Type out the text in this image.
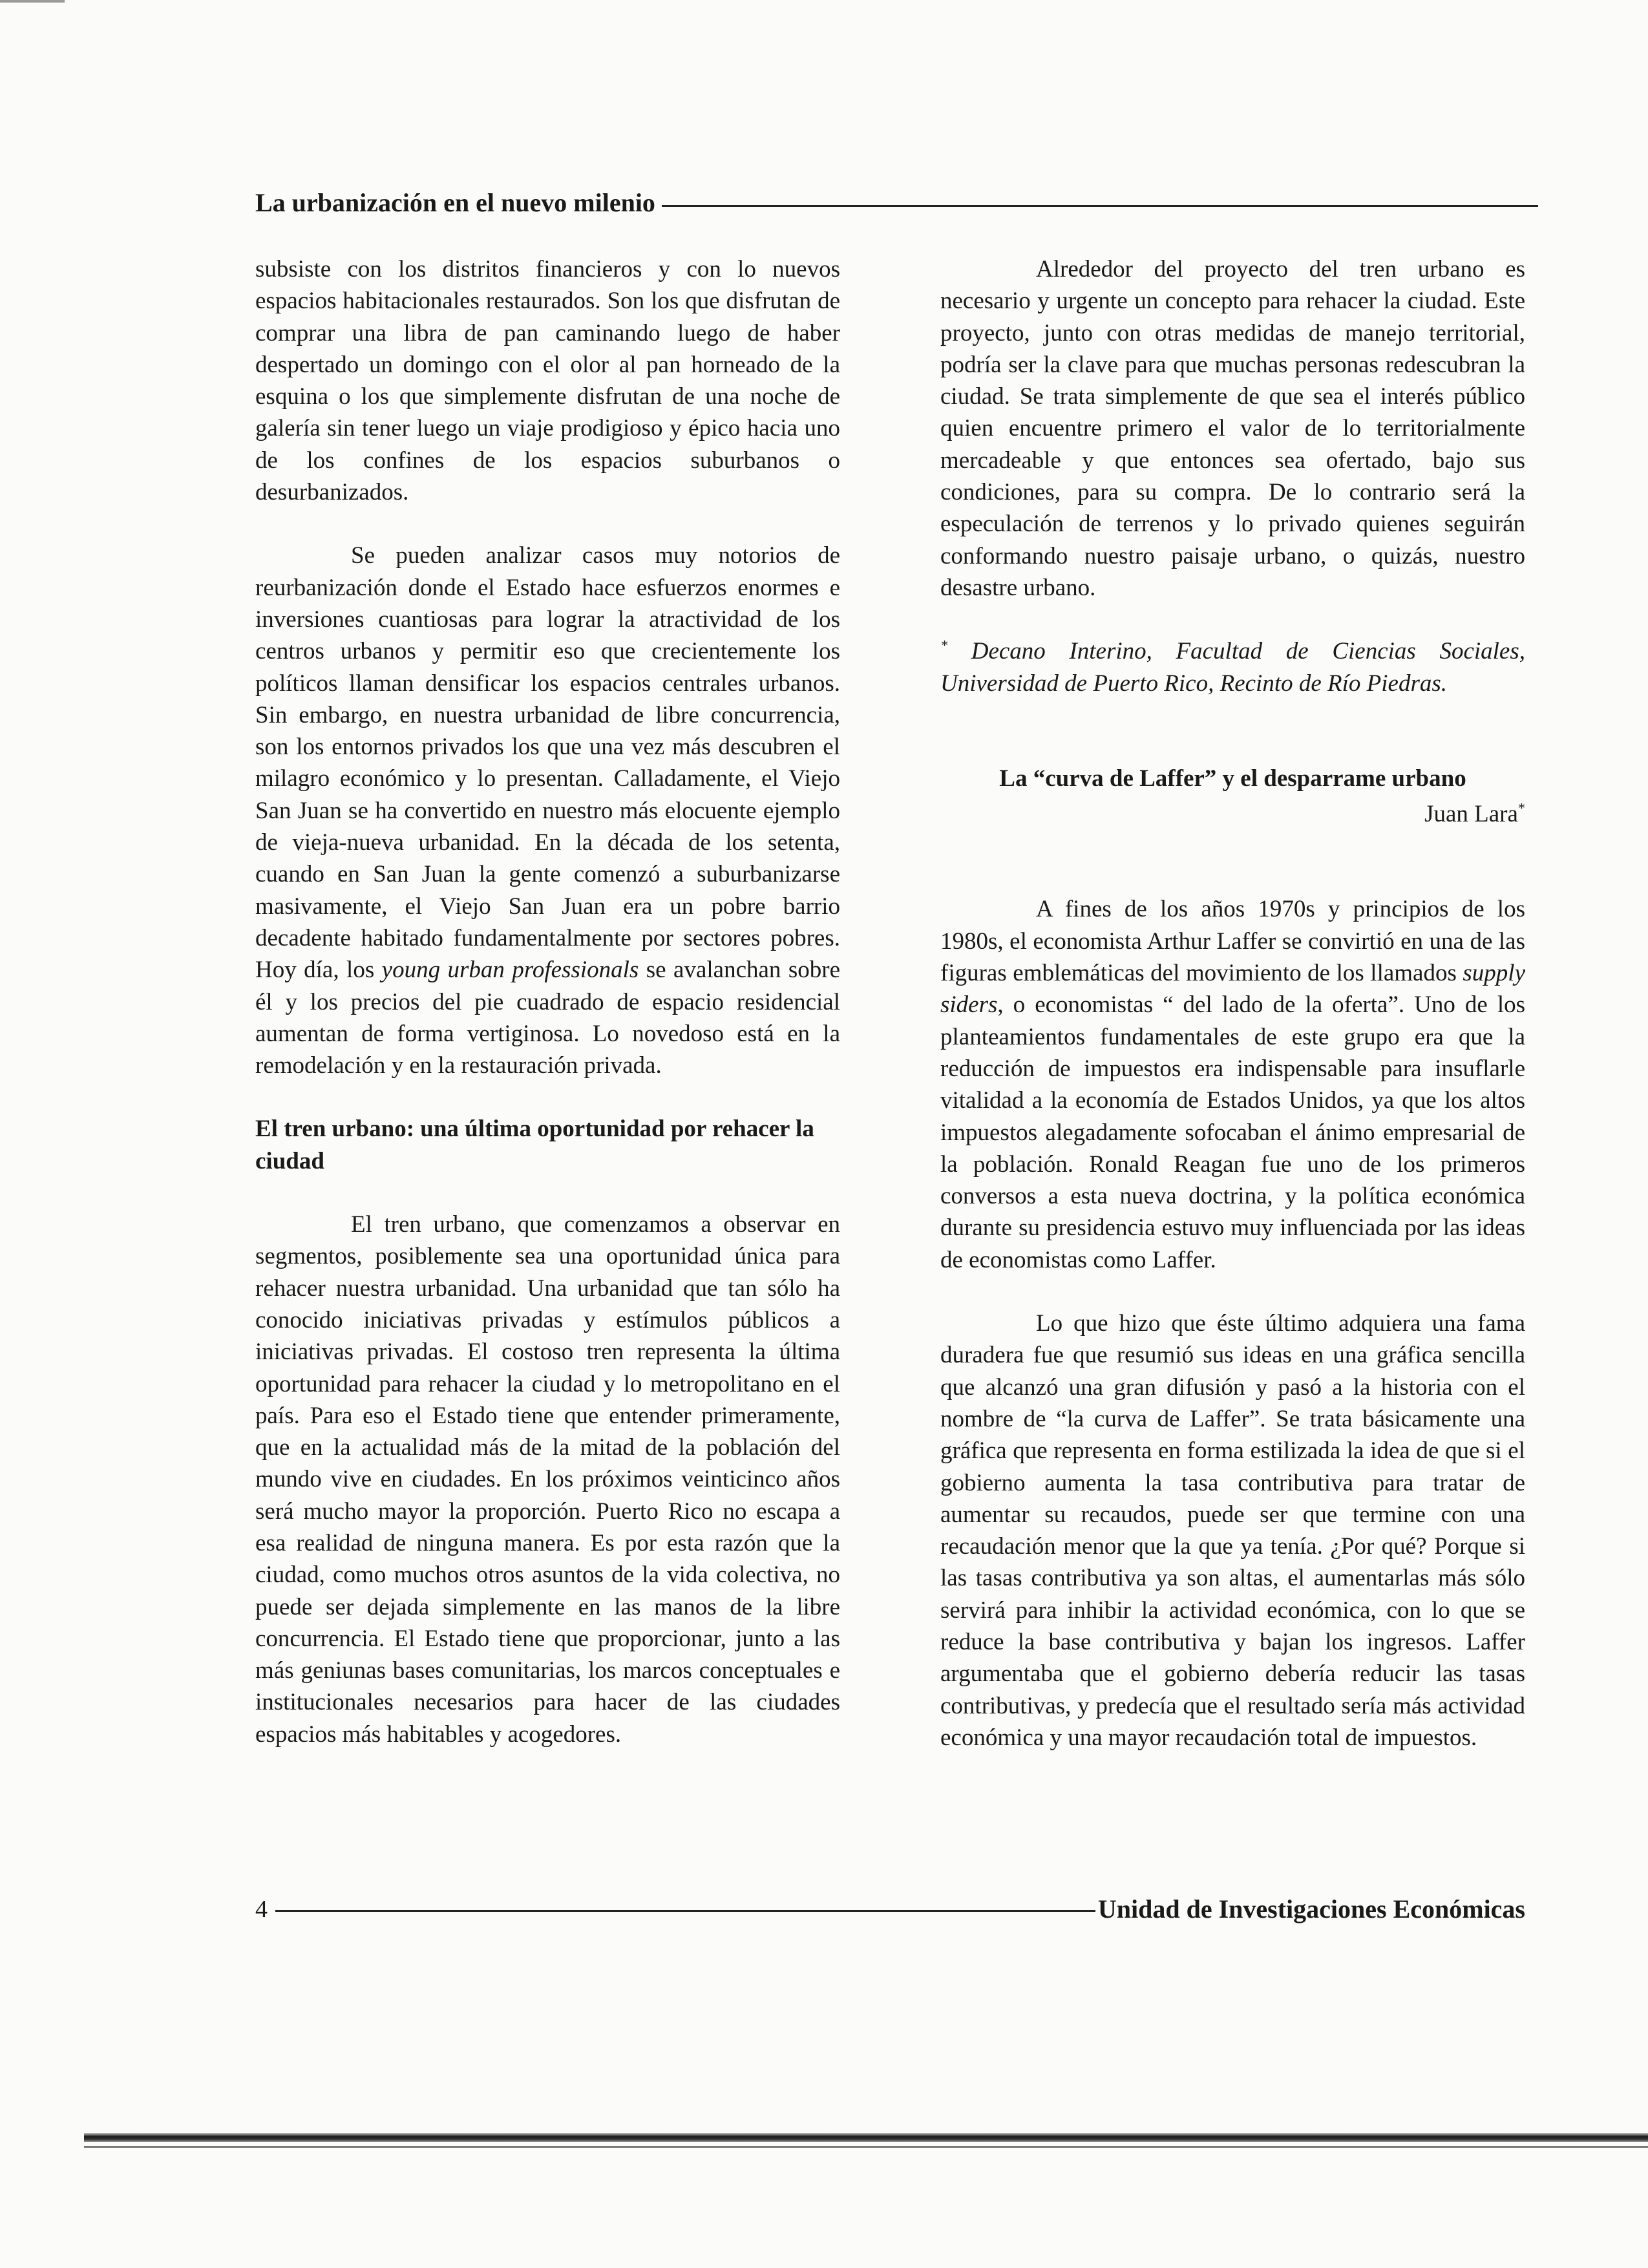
La urbanización en el nuevo milenio

subsiste con los distritos financieros y con lo nuevos espacios habitacionales restaurados. Son los que disfrutan de comprar una libra de pan caminando luego de haber despertado un domingo con el olor al pan horneado de la esquina o los que simplemente disfrutan de una noche de galería sin tener luego un viaje prodigioso y épico hacia uno de los confines de los espacios suburbanos o desurbanizados.

Se pueden analizar casos muy notorios de reurbanización donde el Estado hace esfuerzos enormes e inversiones cuantiosas para lograr la atractividad de los centros urbanos y permitir eso que crecientemente los políticos llaman densificar los espacios centrales urbanos. Sin embargo, en nuestra urbanidad de libre concurrencia, son los entornos privados los que una vez más descubren el milagro económico y lo presentan. Calladamente, el Viejo San Juan se ha convertido en nuestro más elocuente ejemplo de vieja-nueva urbanidad. En la década de los setenta, cuando en San Juan la gente comenzó a suburbanizarse masivamente, el Viejo San Juan era un pobre barrio decadente habitado fundamentalmente por sectores pobres. Hoy día, los young urban professionals se avalanchan sobre él y los precios del pie cuadrado de espacio residencial aumentan de forma vertiginosa. Lo novedoso está en la remodelación y en la restauración privada.

El tren urbano: una última oportunidad por rehacer la ciudad

El tren urbano, que comenzamos a observar en segmentos, posiblemente sea una oportunidad única para rehacer nuestra urbanidad. Una urbanidad que tan sólo ha conocido iniciativas privadas y estímulos públicos a iniciativas privadas. El costoso tren representa la última oportunidad para rehacer la ciudad y lo metropolitano en el país. Para eso el Estado tiene que entender primeramente, que en la actualidad más de la mitad de la población del mundo vive en ciudades. En los próximos veinticinco años será mucho mayor la proporción. Puerto Rico no escapa a esa realidad de ninguna manera. Es por esta razón que la ciudad, como muchos otros asuntos de la vida colectiva, no puede ser dejada simplemente en las manos de la libre concurrencia. El Estado tiene que proporcionar, junto a las más geniunas bases comunitarias, los marcos conceptuales e institucionales necesarios para hacer de las ciudades espacios más habitables y acogedores.

Alrededor del proyecto del tren urbano es necesario y urgente un concepto para rehacer la ciudad. Este proyecto, junto con otras medidas de manejo territorial, podría ser la clave para que muchas personas redescubran la ciudad. Se trata simplemente de que sea el interés público quien encuentre primero el valor de lo territorialmente mercadeable y que entonces sea ofertado, bajo sus condiciones, para su compra. De lo contrario será la especulación de terrenos y lo privado quienes seguirán conformando nuestro paisaje urbano, o quizás, nuestro desastre urbano.

* Decano Interino, Facultad de Ciencias Sociales, Universidad de Puerto Rico, Recinto de Río Piedras.

La “curva de Laffer” y el desparrame urbano

Juan Lara*

A fines de los años 1970s y principios de los 1980s, el economista Arthur Laffer se convirtió en una de las figuras emblemáticas del movimiento de los llamados supply siders, o economistas “ del lado de la oferta”. Uno de los planteamientos fundamentales de este grupo era que la reducción de impuestos era indispensable para insuflarle vitalidad a la economía de Estados Unidos, ya que los altos impuestos alegadamente sofocaban el ánimo empresarial de la población. Ronald Reagan fue uno de los primeros conversos a esta nueva doctrina, y la política económica durante su presidencia estuvo muy influenciada por las ideas de economistas como Laffer.

Lo que hizo que éste último adquiera una fama duradera fue que resumió sus ideas en una gráfica sencilla que alcanzó una gran difusión y pasó a la historia con el nombre de “la curva de Laffer”. Se trata básicamente una gráfica que representa en forma estilizada la idea de que si el gobierno aumenta la tasa contributiva para tratar de aumentar su recaudos, puede ser que termine con una recaudación menor que la que ya tenía. ¿Por qué? Porque si las tasas contributiva ya son altas, el aumentarlas más sólo servirá para inhibir la actividad económica, con lo que se reduce la base contributiva y bajan los ingresos. Laffer argumentaba que el gobierno debería reducir las tasas contributivas, y predecía que el resultado sería más actividad económica y una mayor recaudación total de impuestos.

4	Unidad de Investigaciones Económicas
